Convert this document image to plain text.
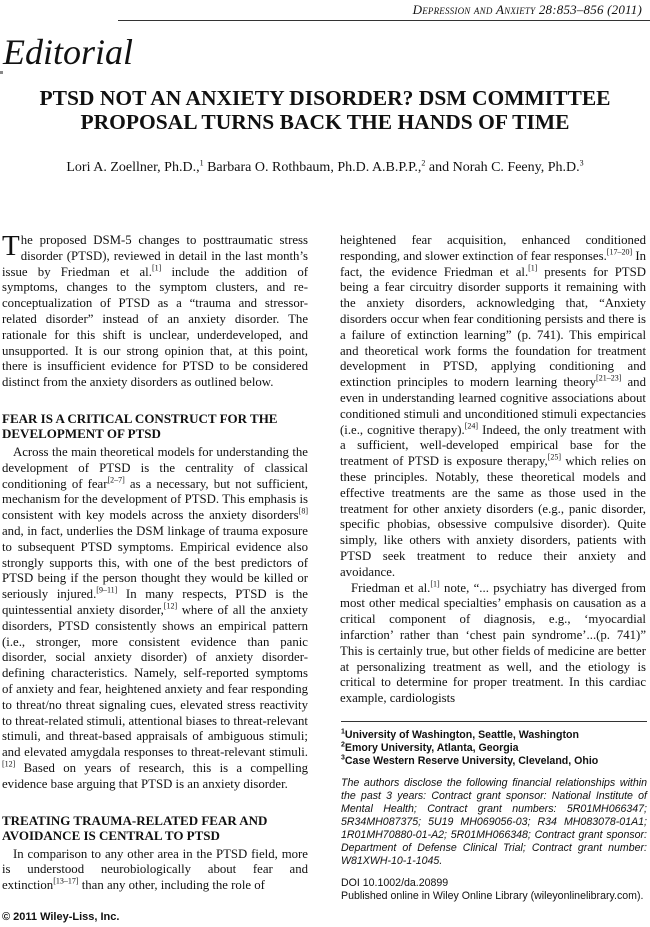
Depression and Anxiety 28:853–856 (2011)
Editorial
PTSD NOT AN ANXIETY DISORDER? DSM COMMITTEE
PROPOSAL TURNS BACK THE HANDS OF TIME
Lori A. Zoellner, Ph.D.,$^1$ Barbara O. Rothbaum, Ph.D. A.B.P.P.,$^2$ and Norah C. Feeny, Ph.D.$^3$

The proposed DSM-5 changes to posttraumatic stress disorder (PTSD), reviewed in detail in the last month’s issue by Friedman et al.[1] include the addition of symptoms, changes to the symptom clusters, and re-conceptualization of PTSD as a “trauma and stressor-related disorder” instead of an anxiety disorder. The rationale for this shift is unclear, underdeveloped, and unsupported. It is our strong opinion that, at this point, there is insufficient evidence for PTSD to be considered distinct from the anxiety disorders as outlined below.

FEAR IS A CRITICAL CONSTRUCT FOR THE DEVELOPMENT OF PTSD

Across the main theoretical models for understanding the development of PTSD is the centrality of classical conditioning of fear[2–7] as a necessary, but not sufficient, mechanism for the development of PTSD. This emphasis is consistent with key models across the anxiety disorders[8] and, in fact, underlies the DSM linkage of trauma exposure to subsequent PTSD symptoms. Empirical evidence also strongly supports this, with one of the best predictors of PTSD being if the person thought they would be killed or seriously injured.[9–11] In many respects, PTSD is the quintessential anxiety disorder,[12] where of all the anxiety disorders, PTSD consistently shows an empirical pattern (i.e., stronger, more consistent evidence than panic disorder, social anxiety disorder) of anxiety disorder-defining characteristics. Namely, self-reported symptoms of anxiety and fear, heightened anxiety and fear responding to threat/no threat signaling cues, elevated stress reactivity to threat-related stimuli, attentional biases to threat-relevant stimuli, and threat-based appraisals of ambiguous stimuli; and elevated amygdala responses to threat-relevant stimuli.[12] Based on years of research, this is a compelling evidence base arguing that PTSD is an anxiety disorder.

TREATING TRAUMA-RELATED FEAR AND AVOIDANCE IS CENTRAL TO PTSD

In comparison to any other area in the PTSD field, more is understood neurobiologically about fear and extinction[13–17] than any other, including the role of

heightened fear acquisition, enhanced conditioned responding, and slower extinction of fear responses.[17–20] In fact, the evidence Friedman et al.[1] presents for PTSD being a fear circuitry disorder supports it remaining with the anxiety disorders, acknowledging that, “Anxiety disorders occur when fear conditioning persists and there is a failure of extinction learning” (p. 741). This empirical and theoretical work forms the foundation for treatment development in PTSD, applying conditioning and extinction principles to modern learning theory[21–23] and even in understanding learned cognitive associations about conditioned stimuli and unconditioned stimuli expectancies (i.e., cognitive therapy).[24] Indeed, the only treatment with a sufficient, well-developed empirical base for the treatment of PTSD is exposure therapy,[25] which relies on these principles. Notably, these theoretical models and effective treatments are the same as those used in the treatment for other anxiety disorders (e.g., panic disorder, specific phobias, obsessive compulsive disorder). Quite simply, like others with anxiety disorders, patients with PTSD seek treatment to reduce their anxiety and avoidance.

Friedman et al.[1] note, “... psychiatry has diverged from most other medical specialties’ emphasis on causation as a critical component of diagnosis, e.g., ‘myocardial infarction’ rather than ‘chest pain syndrome’...(p. 741)” This is certainly true, but other fields of medicine are better at personalizing treatment as well, and the etiology is critical to determine for proper treatment. In this cardiac example, cardiologists

$^1$University of Washington, Seattle, Washington
$^2$Emory University, Atlanta, Georgia
$^3$Case Western Reserve University, Cleveland, Ohio
The authors disclose the following financial relationships within the past 3 years: Contract grant sponsor: National Institute of Mental Health; Contract grant numbers: 5R01MH066347; 5R34MH087375; 5U19 MH069056-03; R34 MH083078-01A1; 1R01MH70880-01-A2; 5R01MH066348; Contract grant sponsor: Department of Defense Clinical Trial; Contract grant number: W81XWH-10-1-1045.
DOI 10.1002/da.20899
Published online in Wiley Online Library (wileyonlinelibrary.com).
© 2011 Wiley-Liss, Inc.
